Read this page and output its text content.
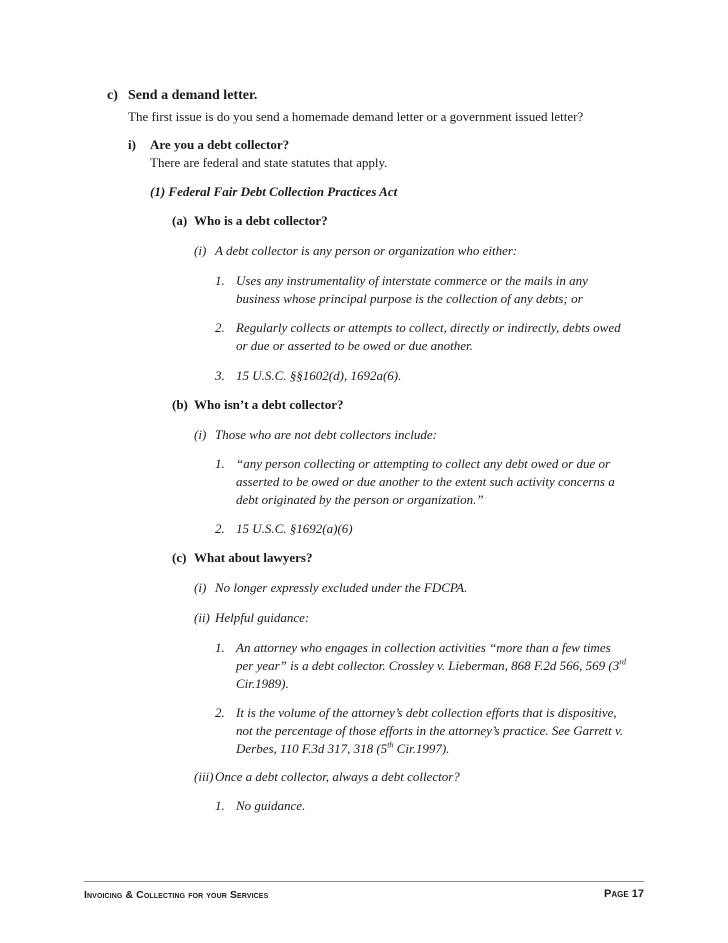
c) Send a demand letter.
The first issue is do you send a homemade demand letter or a government issued letter?
i) Are you a debt collector?
There are federal and state statutes that apply.
(1) Federal Fair Debt Collection Practices Act
(a) Who is a debt collector?
(i) A debt collector is any person or organization who either:
1. Uses any instrumentality of interstate commerce or the mails in any
business whose principal purpose is the collection of any debts; or
2. Regularly collects or attempts to collect, directly or indirectly, debts owed
or due or asserted to be owed or due another.
3. 15 U.S.C. §§1602(d), 1692a(6).
(b) Who isn’t a debt collector?
(i) Those who are not debt collectors include:
1. “any person collecting or attempting to collect any debt owed or due or
asserted to be owed or due another to the extent such activity concerns a
debt originated by the person or organization.”
2. 15 U.S.C. §1692(a)(6)
(c) What about lawyers?
(i) No longer expressly excluded under the FDCPA.
(ii) Helpful guidance:
1. An attorney who engages in collection activities “more than a few times
per year” is a debt collector. Crossley v. Lieberman, 868 F.2d 566, 569 (3rd
Cir.1989).
2. It is the volume of the attorney’s debt collection efforts that is dispositive,
not the percentage of those efforts in the attorney’s practice. See Garrett v.
Derbes, 110 F.3d 317, 318 (5th Cir.1997).
(iii) Once a debt collector, always a debt collector?
1. No guidance.
Invoicing & Collecting for your Services	Page 17
